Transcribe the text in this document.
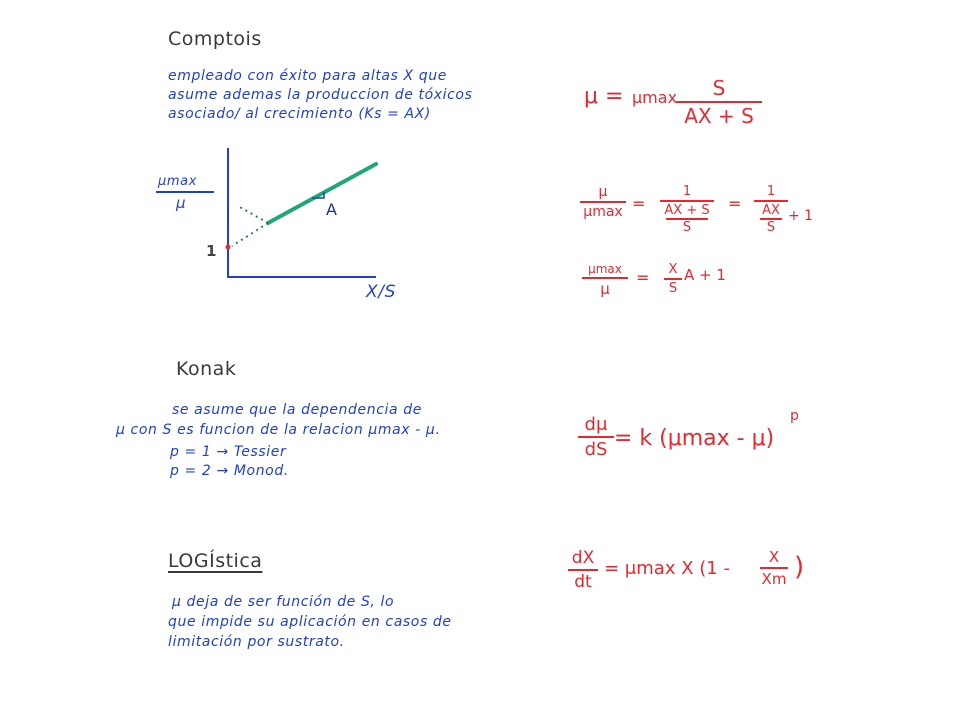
Comptois
empleado con éxito para altas X que
asume ademas la produccion de tóxicos
asociado/ al crecimiento (Ks = AX)
μmax
μ
1
X/S
A
μ = μmax	S
AX + S
μ
μmax =
1
AX + S
S
=
1
AX
S
+ 1
μmax
μ
=	X
S
A + 1
Konak
se asume que la dependencia de
μ con S es funcion de la relacion μmax - μ.
p = 1 → Tessier
p = 2 → Monod.
dμ
dS = k (μmax - μ)
p
LOGÍstica
μ deja de ser función de S, lo
que impide su aplicación en casos de
limitación por sustrato.
dX
dt
= μmax X (1 -
X
Xm )
